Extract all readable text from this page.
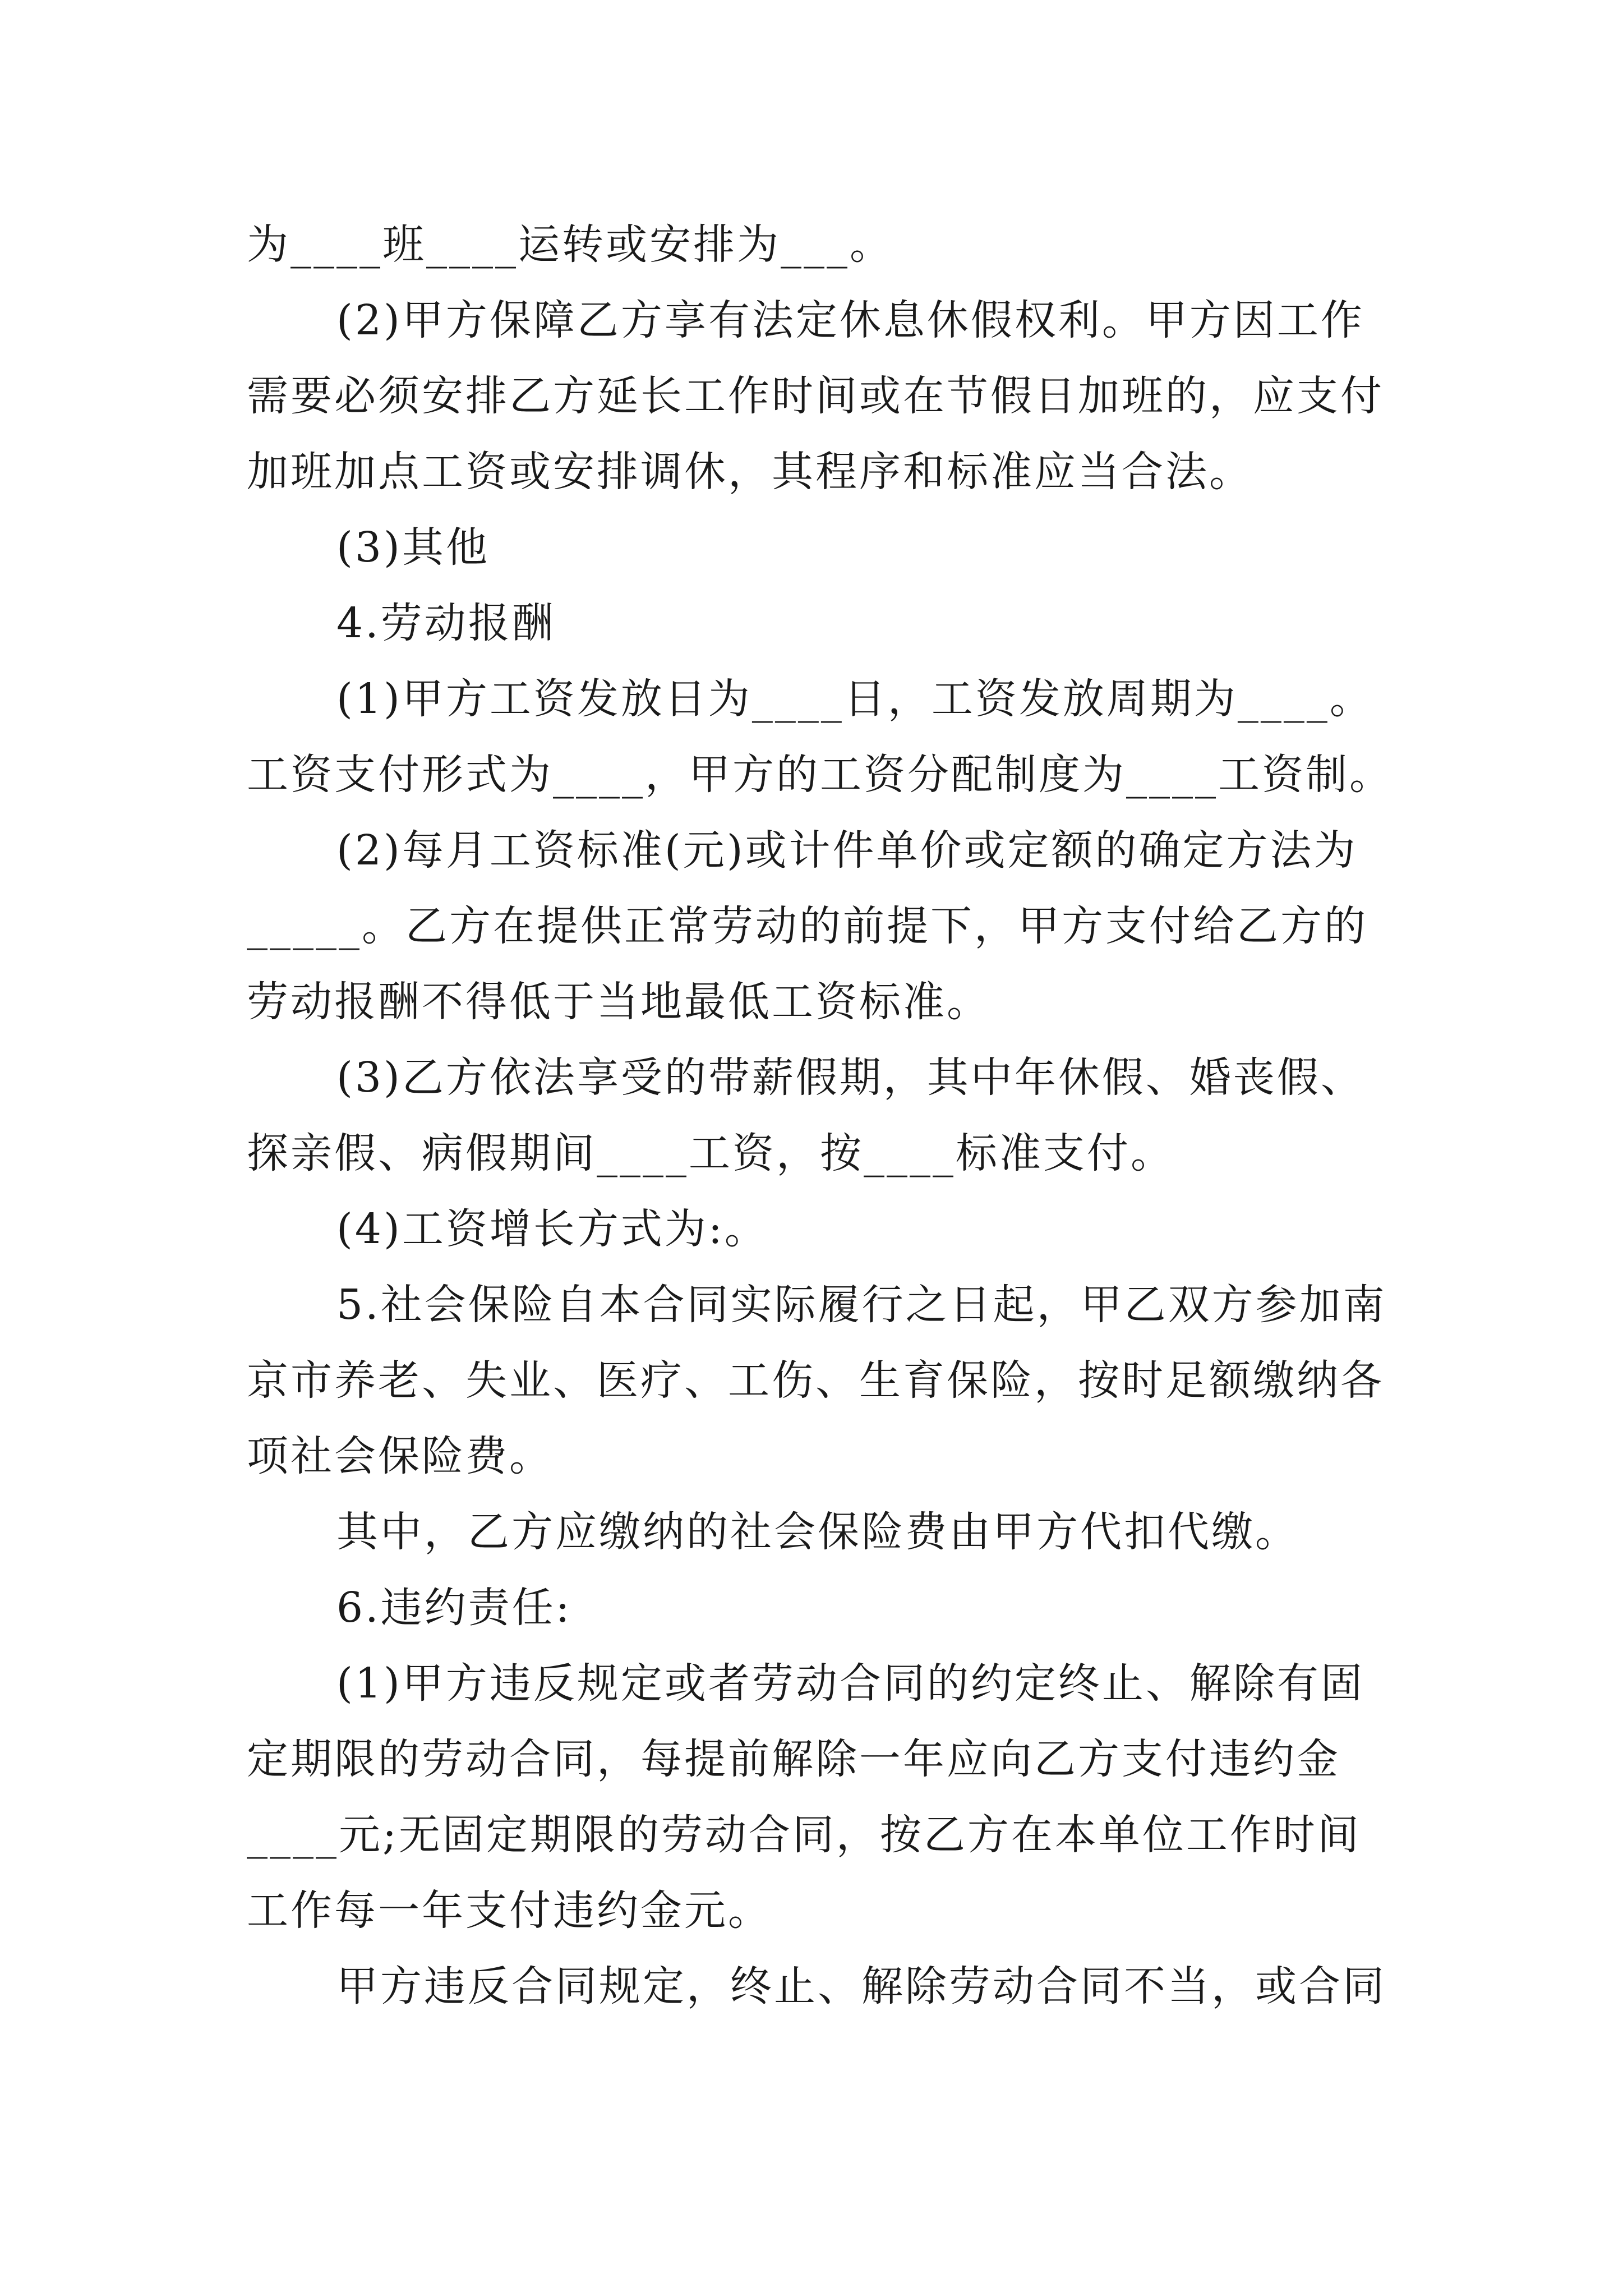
为____班____运转或安排为___。
(2)甲方保障乙方享有法定休息休假权利。甲方因工作
需要必须安排乙方延长工作时间或在节假日加班的，应支付
加班加点工资或安排调休，其程序和标准应当合法。
(3)其他
4.劳动报酬
(1)甲方工资发放日为____日，工资发放周期为____。
工资支付形式为____，甲方的工资分配制度为____工资制。
(2)每月工资标准(元)或计件单价或定额的确定方法为
_____。乙方在提供正常劳动的前提下，甲方支付给乙方的
劳动报酬不得低于当地最低工资标准。
(3)乙方依法享受的带薪假期，其中年休假、婚丧假、
探亲假、病假期间____工资，按____标准支付。
(4)工资增长方式为:。
5.社会保险自本合同实际履行之日起，甲乙双方参加南
京市养老、失业、医疗、工伤、生育保险，按时足额缴纳各
项社会保险费。
其中，乙方应缴纳的社会保险费由甲方代扣代缴。
6.违约责任:
(1)甲方违反规定或者劳动合同的约定终止、解除有固
定期限的劳动合同，每提前解除一年应向乙方支付违约金
____元;无固定期限的劳动合同，按乙方在本单位工作时间
工作每一年支付违约金元。
甲方违反合同规定，终止、解除劳动合同不当，或合同
